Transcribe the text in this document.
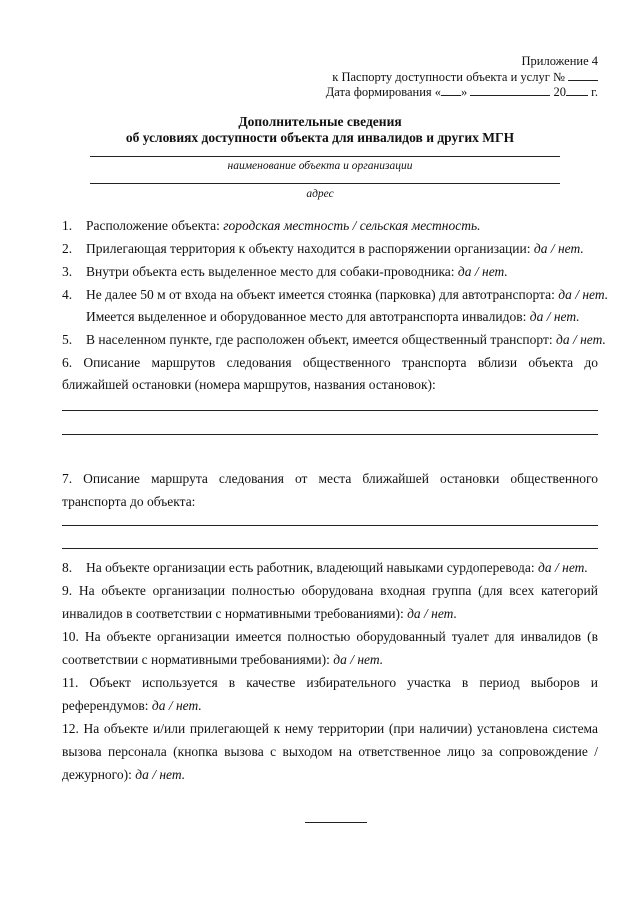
Приложение 4
к Паспорту доступности объекта и услуг №
Дата формирования « »	20 г.
Дополнительные сведения
об условиях доступности объекта для инвалидов и других МГН
наименование объекта и организации
адрес
1. Расположение объекта: городская местность / сельская местность.
2. Прилегающая территория к объекту находится в распоряжении организации: да / нет.
3. Внутри объекта есть выделенное место для собаки-проводника: да / нет.
4. Не далее 50 м от входа на объект имеется стоянка (парковка) для автотранспорта: да / нет.
Имеется выделенное и оборудованное место для автотранспорта инвалидов: да / нет.
5. В населенном пункте, где расположен объект, имеется общественный транспорт: да / нет.
6. Описание маршрутов следования общественного транспорта вблизи объекта до
ближайшей остановки (номера маршрутов, названия остановок):
7. Описание маршрута следования от места ближайшей остановки общественного
транспорта до объекта:
8. На объекте организации есть работник, владеющий навыками сурдоперевода: да / нет.
9. На объекте организации полностью оборудована входная группа (для всех категорий
инвалидов в соответствии с нормативными требованиями): да / нет.
10. На объекте организации имеется полностью оборудованный туалет для инвалидов (в
соответствии с нормативными требованиями): да / нет.
11. Объект используется в качестве избирательного участка в период выборов и
референдумов: да / нет.
12. На объекте и/или прилегающей к нему территории (при наличии) установлена система
вызова персонала (кнопка вызова с выходом на ответственное лицо за сопровождение /
дежурного): да / нет.
